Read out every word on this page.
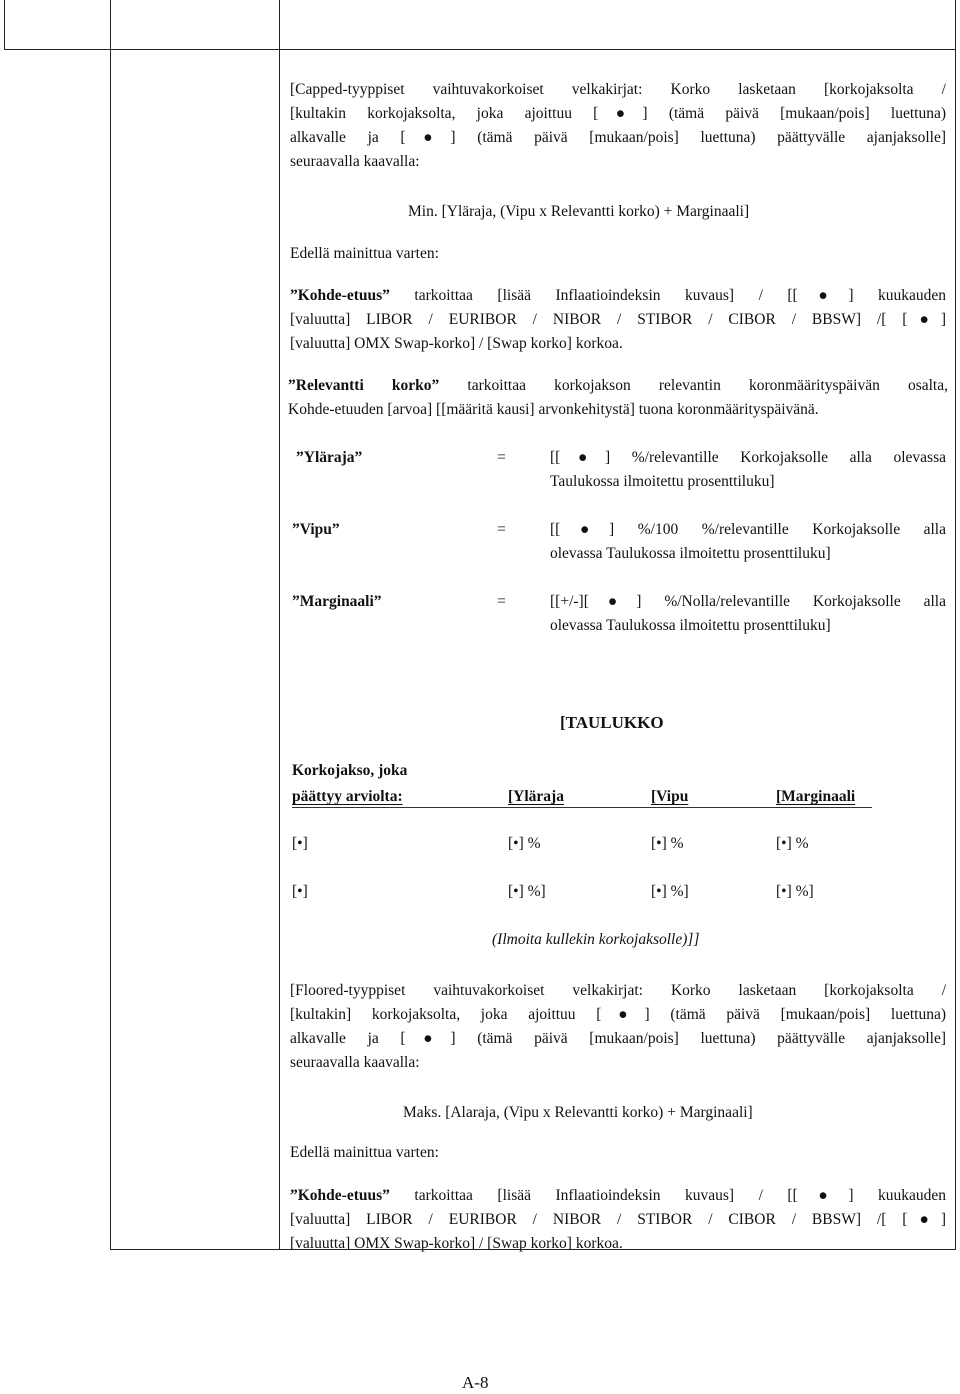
[Capped-tyyppiset vaihtuvakorkoiset velkakirjat: Korko lasketaan [korkojaksolta /
[kultakin korkojaksolta, joka ajoittuu [●] (tämä päivä [mukaan/pois] luettuna)
alkavalle ja [●] (tämä päivä [mukaan/pois] luettuna) päättyvälle ajanjaksolle]
seuraavalla kaavalla:
Min. [Yläraja, (Vipu x Relevantti korko) + Marginaali]
Edellä mainittua varten:
”Kohde-etuus” tarkoittaa [lisää Inflaatioindeksin kuvaus] / [[●] kuukauden
[valuutta] LIBOR / EURIBOR / NIBOR / STIBOR / CIBOR / BBSW] /[ [●]
[valuutta] OMX Swap-korko] / [Swap korko] korkoa.
”Relevantti korko” tarkoittaa korkojakson relevantin koronmäärityspäivän osalta,
Kohde-etuuden [arvoa] [[määritä kausi] arvonkehitystä] tuona koronmäärityspäivänä.
”Yläraja”	=	[[●] %/relevantille Korkojaksolle alla olevassa
Taulukossa ilmoitettu prosenttiluku]
”Vipu”	=	[[●] %/100 %/relevantille Korkojaksolle alla
olevassa Taulukossa ilmoitettu prosenttiluku]
”Marginaali”	=	[[+/-][●] %/Nolla/relevantille Korkojaksolle alla
olevassa Taulukossa ilmoitettu prosenttiluku]
[TAULUKKO
Korkojakso, joka
päättyy arviolta:	[Yläraja	[Vipu	[Marginaali
[•]	[•] %	[•] %	[•] %
[•]	[•] %]	[•] %]	[•] %]
(Ilmoita kullekin korkojaksolle)]]
[Floored-tyyppiset vaihtuvakorkoiset velkakirjat: Korko lasketaan [korkojaksolta /
[kultakin] korkojaksolta, joka ajoittuu [●] (tämä päivä [mukaan/pois] luettuna)
alkavalle ja [●] (tämä päivä [mukaan/pois] luettuna) päättyvälle ajanjaksolle]
seuraavalla kaavalla:
Maks. [Alaraja, (Vipu x Relevantti korko) + Marginaali]
Edellä mainittua varten:
”Kohde-etuus” tarkoittaa [lisää Inflaatioindeksin kuvaus] / [[●] kuukauden
[valuutta] LIBOR / EURIBOR / NIBOR / STIBOR / CIBOR / BBSW] /[ [●]
[valuutta] OMX Swap-korko] / [Swap korko] korkoa.
A-8
